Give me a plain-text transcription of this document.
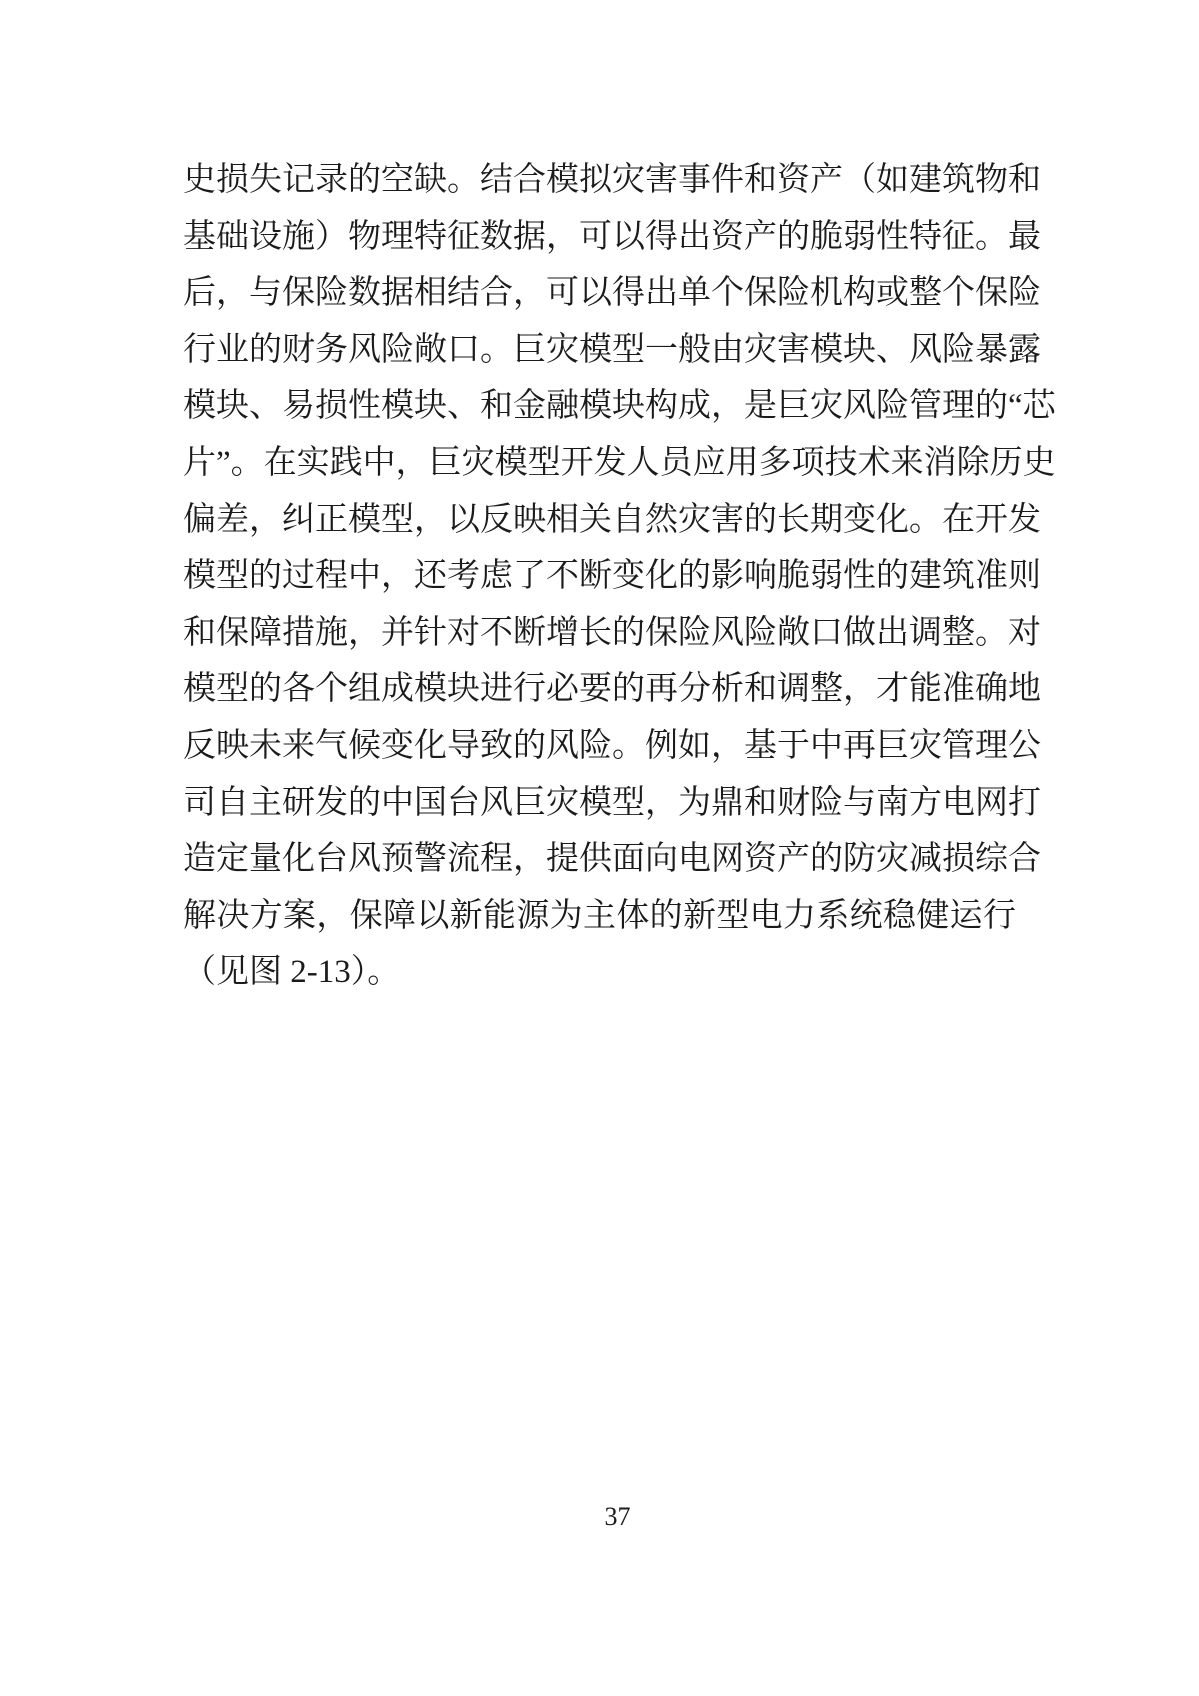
史损失记录的空缺。结合模拟灾害事件和资产（如建筑物和
基础设施）物理特征数据，可以得出资产的脆弱性特征。最
后，与保险数据相结合，可以得出单个保险机构或整个保险
行业的财务风险敞口。巨灾模型一般由灾害模块、风险暴露
模块、易损性模块、和金融模块构成，是巨灾风险管理的“芯
片”。在实践中，巨灾模型开发人员应用多项技术来消除历史
偏差，纠正模型，以反映相关自然灾害的长期变化。在开发
模型的过程中，还考虑了不断变化的影响脆弱性的建筑准则
和保障措施，并针对不断增长的保险风险敞口做出调整。对
模型的各个组成模块进行必要的再分析和调整，才能准确地
反映未来气候变化导致的风险。例如，基于中再巨灾管理公
司自主研发的中国台风巨灾模型，为鼎和财险与南方电网打
造定量化台风预警流程，提供面向电网资产的防灾减损综合
解决方案，保障以新能源为主体的新型电力系统稳健运行
（见图 2-13）。
37
